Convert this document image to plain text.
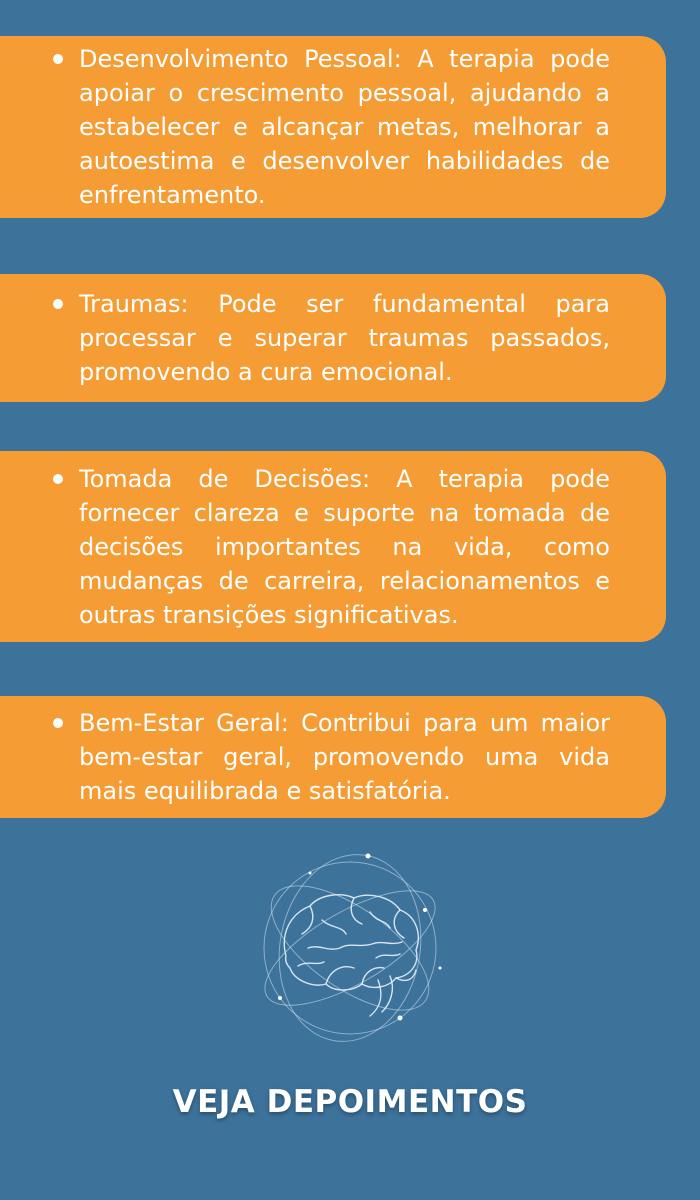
Desenvolvimento Pessoal: A terapia pode apoiar o crescimento pessoal, ajudando a estabelecer e alcançar metas, melhorar a autoestima e desenvolver habilidades de enfrentamento.

Traumas: Pode ser fundamental para processar e superar traumas passados, promovendo a cura emocional.

Tomada de Decisões: A terapia pode fornecer clareza e suporte na tomada de decisões importantes na vida, como mudanças de carreira, relacionamentos e outras transições significativas.

Bem-Estar Geral: Contribui para um maior bem-estar geral, promovendo uma vida mais equilibrada e satisfatória.

VEJA DEPOIMENTOS
